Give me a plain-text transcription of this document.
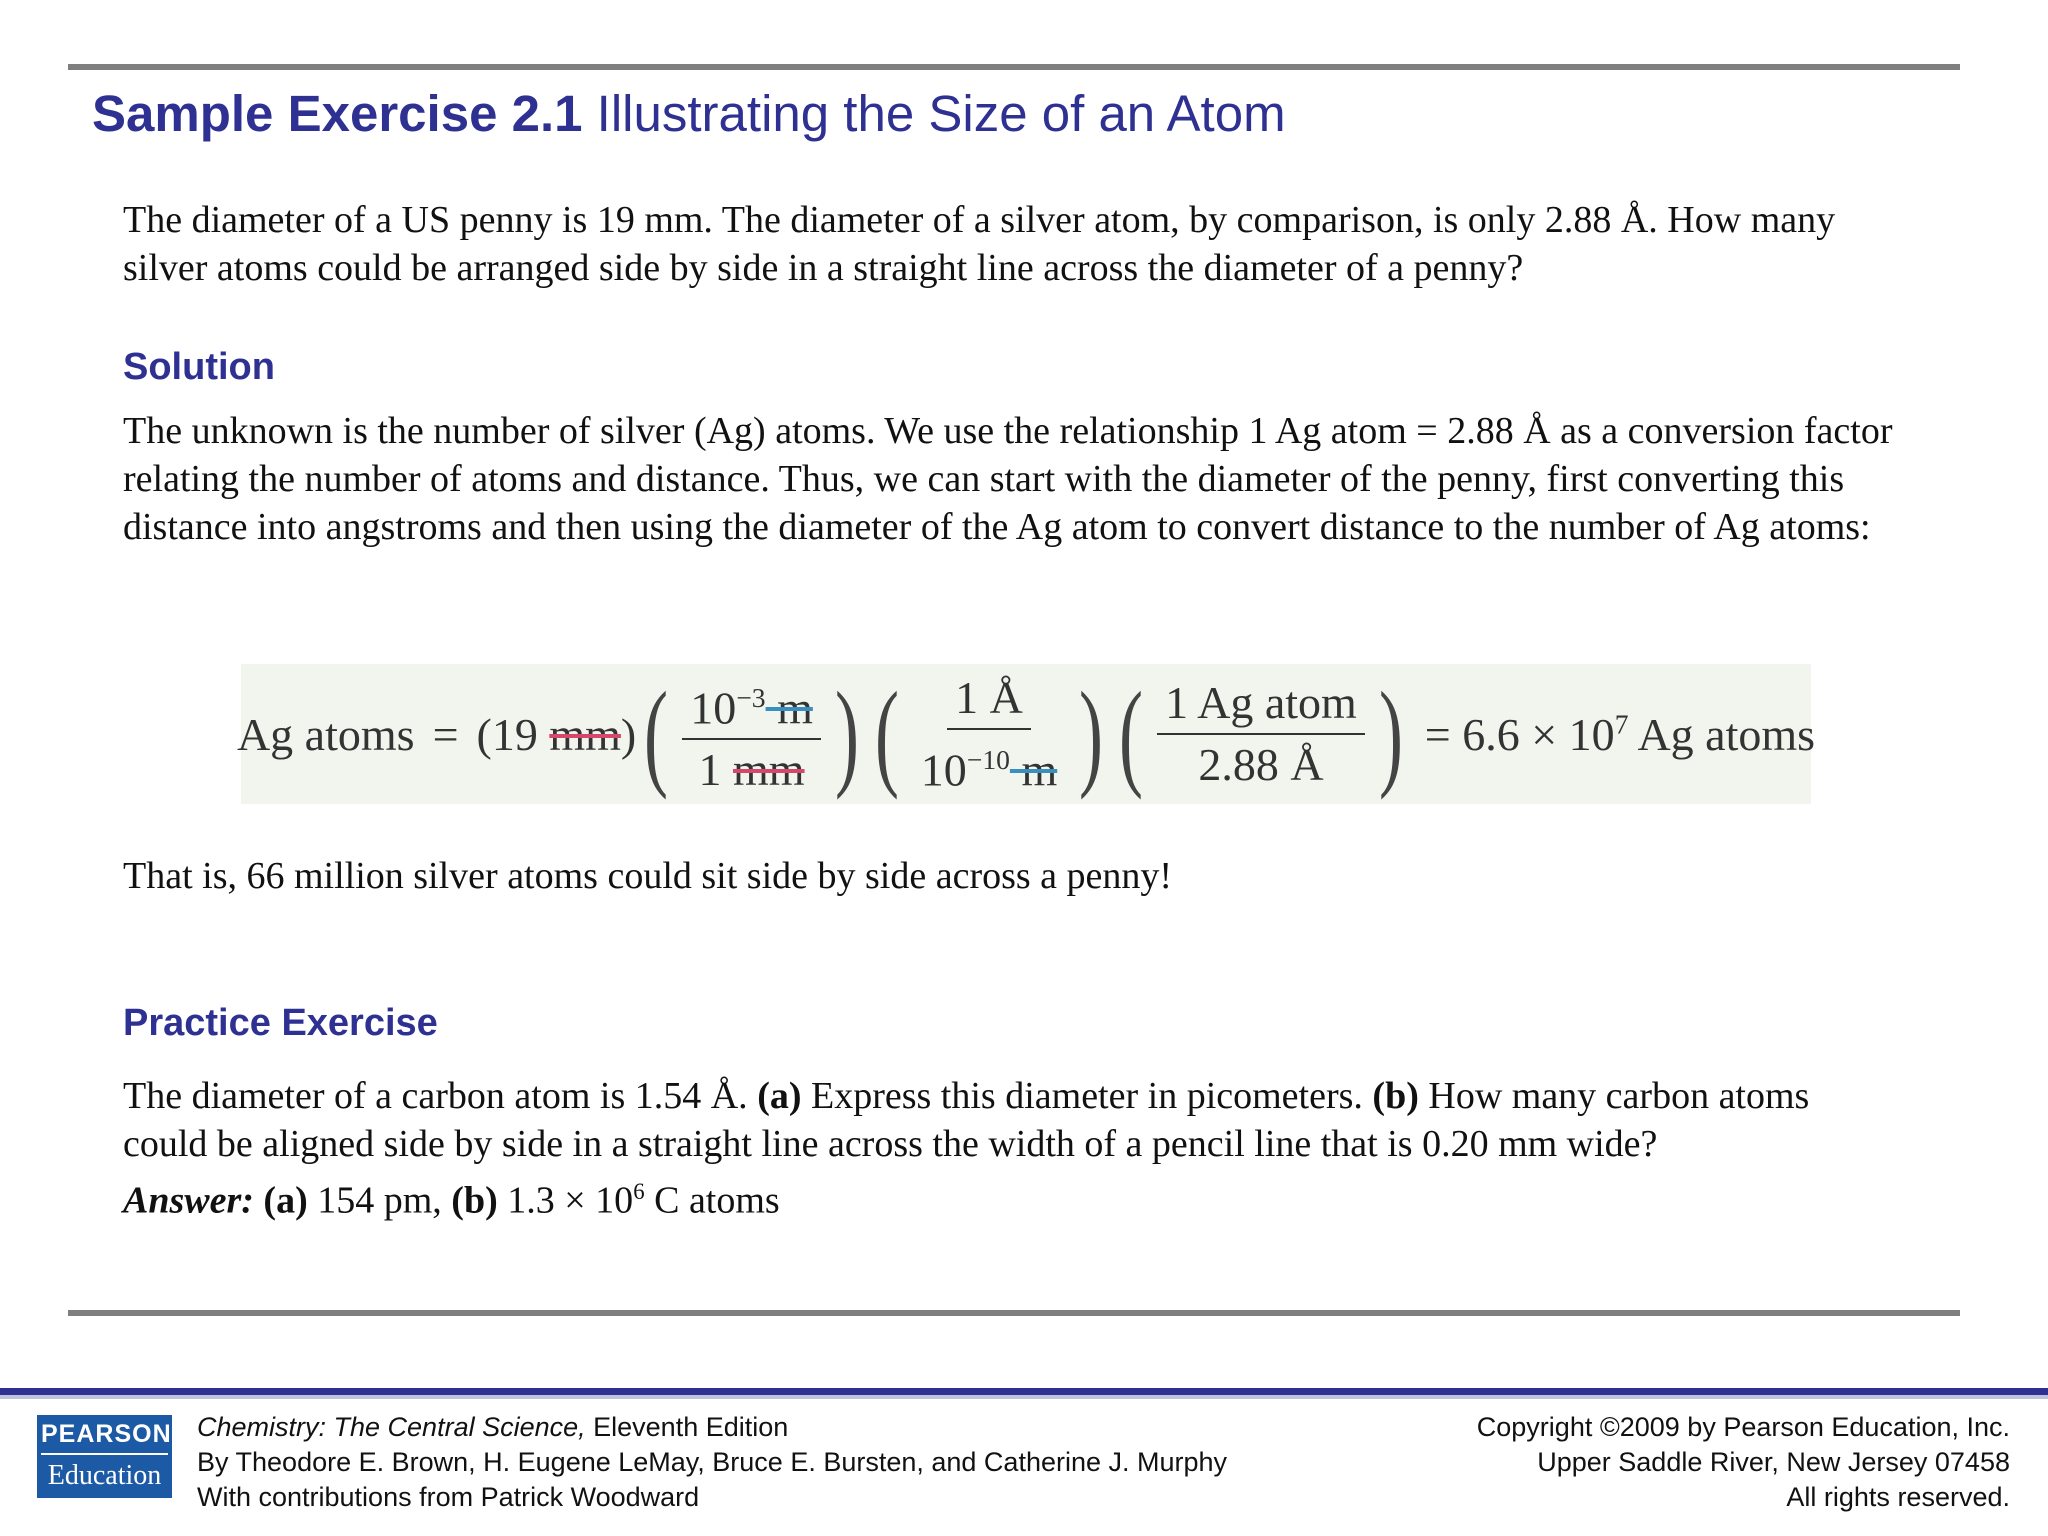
Sample Exercise 2.1 Illustrating the Size of an Atom

The diameter of a US penny is 19 mm. The diameter of a silver atom, by comparison, is only 2.88 Å. How many silver atoms could be arranged side by side in a straight line across the diameter of a penny?

Solution

The unknown is the number of silver (Ag) atoms. We use the relationship 1 Ag atom = 2.88 Å as a conversion factor relating the number of atoms and distance. Thus, we can start with the diameter of the penny, first converting this distance into angstroms and then using the diameter of the Ag atom to convert distance to the number of Ag atoms:

Ag atoms = (19 mm) ( $\frac{10^{-3} m}{1 mm}$ ) ( $\frac{1 Å}{10^{-10} m}$ ) ( $\frac{\text{1 Ag atom}}{2.88 Å}$ ) = $6.6 \times 10^7$ Ag atoms

That is, 66 million silver atoms could sit side by side across a penny!

Practice Exercise

The diameter of a carbon atom is 1.54 Å. (a) Express this diameter in picometers. (b) How many carbon atoms could be aligned side by side in a straight line across the width of a pencil line that is 0.20 mm wide?
Answer: (a) 154 pm, (b) $1.3 \times 10^6$ C atoms

PEARSON
Education
Chemistry: The Central Science, Eleventh Edition
By Theodore E. Brown, H. Eugene LeMay, Bruce E. Bursten, and Catherine J. Murphy
With contributions from Patrick Woodward
Copyright ©2009 by Pearson Education, Inc.
Upper Saddle River, New Jersey 07458
All rights reserved.
